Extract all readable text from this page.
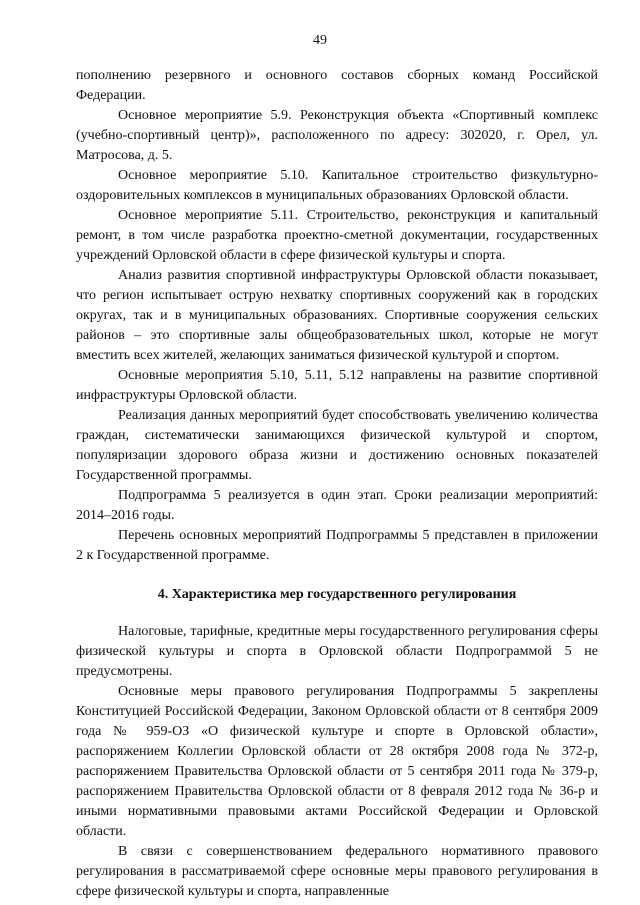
49

пополнению резервного и основного составов сборных команд Российской Федерации.

Основное мероприятие 5.9. Реконструкция объекта «Спортивный комплекс (учебно-спортивный центр)», расположенного по адресу: 302020, г. Орел, ул. Матросова, д. 5.

Основное мероприятие 5.10. Капитальное строительство физкультурно-оздоровительных комплексов в муниципальных образованиях Орловской области.

Основное мероприятие 5.11. Строительство, реконструкция и капитальный ремонт, в том числе разработка проектно-сметной документации, государственных учреждений Орловской области в сфере физической культуры и спорта.

Анализ развития спортивной инфраструктуры Орловской области показывает, что регион испытывает острую нехватку спортивных сооружений как в городских округах, так и в муниципальных образованиях. Спортивные сооружения сельских районов – это спортивные залы общеобразовательных школ, которые не могут вместить всех жителей, желающих заниматься физической культурой и спортом.

Основные мероприятия 5.10, 5.11, 5.12 направлены на развитие спортивной инфраструктуры Орловской области.

Реализация данных мероприятий будет способствовать увеличению количества граждан, систематически занимающихся физической культурой и спортом, популяризации здорового образа жизни и достижению основных показателей Государственной программы.

Подпрограмма 5 реализуется в один этап. Сроки реализации мероприятий: 2014–2016 годы.

Перечень основных мероприятий Подпрограммы 5 представлен в приложении 2 к Государственной программе.

4. Характеристика мер государственного регулирования

Налоговые, тарифные, кредитные меры государственного регулирования сферы физической культуры и спорта в Орловской области Подпрограммой 5 не предусмотрены.

Основные меры правового регулирования Подпрограммы 5 закреплены Конституцией Российской Федерации, Законом Орловской области от 8 сентября 2009 года № 959-ОЗ «О физической культуре и спорте в Орловской области», распоряжением Коллегии Орловской области от 28 октября 2008 года № 372-р, распоряжением Правительства Орловской области от 5 сентября 2011 года № 379-р, распоряжением Правительства Орловской области от 8 февраля 2012 года № 36-р и иными нормативными правовыми актами Российской Федерации и Орловской области.

В связи с совершенствованием федерального нормативного правового регулирования в рассматриваемой сфере основные меры правового регулирования в сфере физической культуры и спорта, направленные
